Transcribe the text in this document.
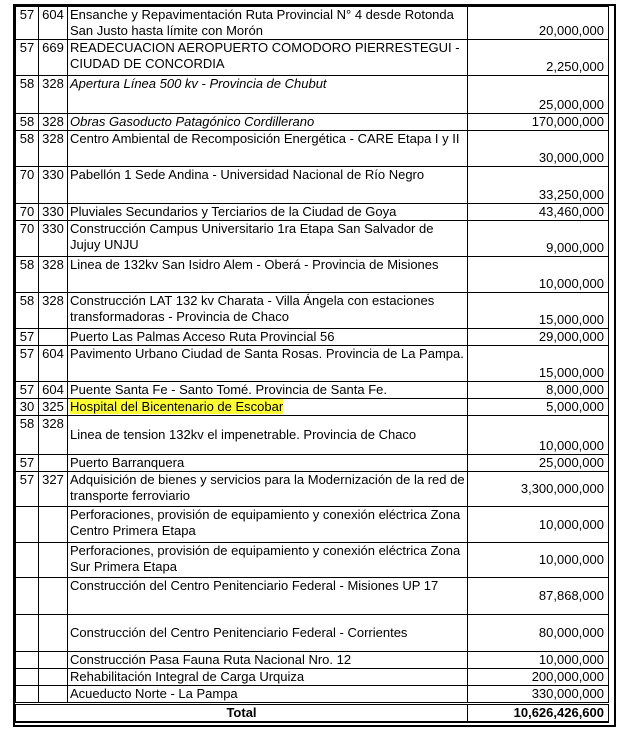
57	604	Ensanche y Repavimentación Ruta Provincial N° 4 desde Rotonda San Justo hasta límite con Morón	20,000,000
57	669	READECUACION AEROPUERTO COMODORO PIERRESTEGUI -CIUDAD DE CONCORDIA	2,250,000
58	328	Apertura Línea 500 kv - Provincia de Chubut	25,000,000
58	328	Obras Gasoducto Patagónico Cordillerano	170,000,000
58	328	Centro Ambiental de Recomposición Energética - CARE Etapa I y II	30,000,000
70	330	Pabellón 1 Sede Andina - Universidad Nacional de Río Negro	33,250,000
70	330	Pluviales Secundarios y Terciarios de la Ciudad de Goya	43,460,000
70	330	Construcción Campus Universitario 1ra Etapa San Salvador de Jujuy UNJU	9,000,000
58	328	Linea de 132kv San Isidro Alem - Oberá - Provincia de Misiones	10,000,000
58	328	Construcción LAT 132 kv Charata - Villa Ángela con estaciones transformadoras - Provincia de Chaco	15,000,000
57		Puerto Las Palmas Acceso Ruta Provincial 56	29,000,000
57	604	Pavimento Urbano Ciudad de Santa Rosas. Provincia de La Pampa.	15,000,000
57	604	Puente Santa Fe - Santo Tomé. Provincia de Santa Fe.	8,000,000
30	325	Hospital del Bicentenario de Escobar	5,000,000
58	328	Linea de tension 132kv el impenetrable. Provincia de Chaco	10,000,000
57		Puerto Barranquera	25,000,000
57	327	Adquisición de bienes y servicios para la Modernización de la red de transporte ferroviario	3,300,000,000
		Perforaciones, provisión de equipamiento y conexión eléctrica Zona Centro Primera Etapa	10,000,000
		Perforaciones, provisión de equipamiento y conexión eléctrica Zona Sur Primera Etapa	10,000,000
		Construcción del Centro Penitenciario Federal - Misiones UP 17	87,868,000
		Construcción del Centro Penitenciario Federal - Corrientes	80,000,000
		Construcción Pasa Fauna Ruta Nacional Nro. 12	10,000,000
		Rehabilitación Integral de Carga Urquiza	200,000,000
		Acueducto Norte - La Pampa	330,000,000
Total			10,626,426,600
